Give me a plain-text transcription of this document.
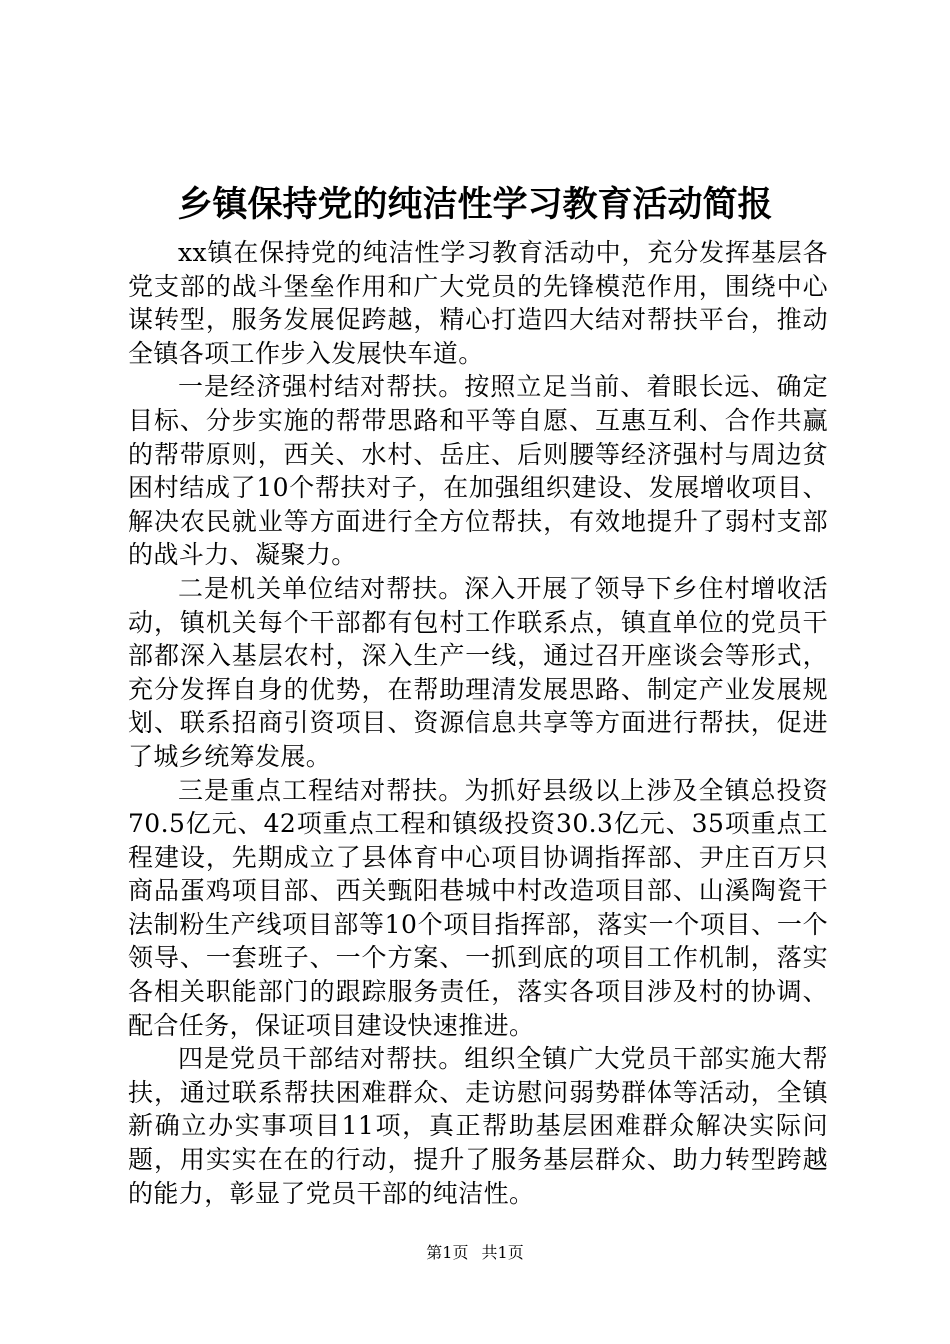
乡镇保持党的纯洁性学习教育活动简报

xx镇在保持党的纯洁性学习教育活动中，充分发挥基层各党支部的战斗堡垒作用和广大党员的先锋模范作用，围绕中心谋转型，服务发展促跨越，精心打造四大结对帮扶平台，推动全镇各项工作步入发展快车道。

一是经济强村结对帮扶。按照立足当前、着眼长远、确定目标、分步实施的帮带思路和平等自愿、互惠互利、合作共赢的帮带原则，西关、水村、岳庄、后则腰等经济强村与周边贫困村结成了10个帮扶对子，在加强组织建设、发展增收项目、解决农民就业等方面进行全方位帮扶，有效地提升了弱村支部的战斗力、凝聚力。

二是机关单位结对帮扶。深入开展了领导下乡住村增收活动，镇机关每个干部都有包村工作联系点，镇直单位的党员干部都深入基层农村，深入生产一线，通过召开座谈会等形式，充分发挥自身的优势，在帮助理清发展思路、制定产业发展规划、联系招商引资项目、资源信息共享等方面进行帮扶，促进了城乡统筹发展。

三是重点工程结对帮扶。为抓好县级以上涉及全镇总投资70.5亿元、42项重点工程和镇级投资30.3亿元、35项重点工程建设，先期成立了县体育中心项目协调指挥部、尹庄百万只商品蛋鸡项目部、西关甄阳巷城中村改造项目部、山溪陶瓷干法制粉生产线项目部等10个项目指挥部，落实一个项目、一个领导、一套班子、一个方案、一抓到底的项目工作机制，落实各相关职能部门的跟踪服务责任，落实各项目涉及村的协调、配合任务，保证项目建设快速推进。

四是党员干部结对帮扶。组织全镇广大党员干部实施大帮扶，通过联系帮扶困难群众、走访慰问弱势群体等活动，全镇新确立办实事项目11项，真正帮助基层困难群众解决实际问题，用实实在在的行动，提升了服务基层群众、助力转型跨越的能力，彰显了党员干部的纯洁性。

第1页 共1页
